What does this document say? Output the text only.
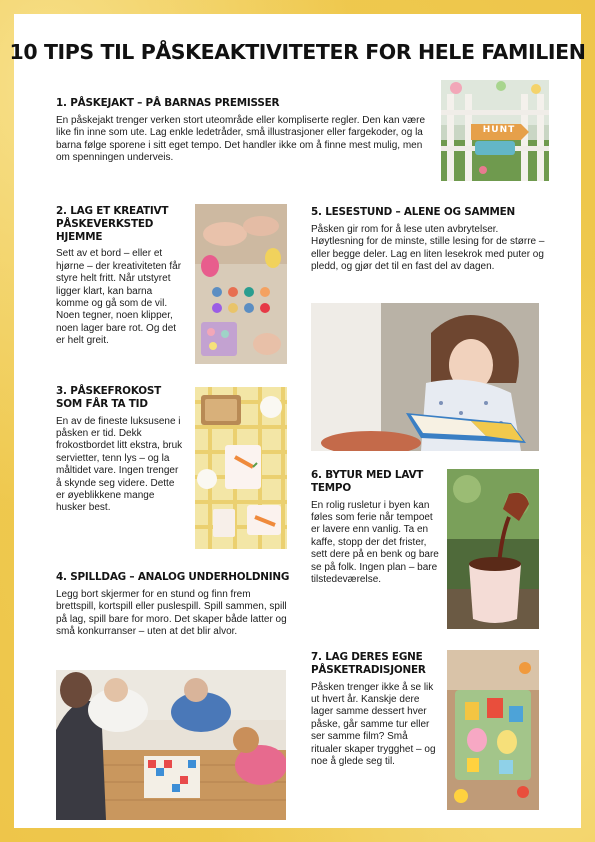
10 TIPS TIL PÅSKEAKTIVITETER FOR HELE FAMILIEN
1. PÅSKEJAKT – PÅ BARNAS PREMISSER
En påskejakt trenger verken stort uteområde eller kompliserte regler. Den kan være like fin inne som ute. Lag enkle ledetråder, små illustrasjoner eller fargekoder, og la barna følge sporene i sitt eget tempo. Det handler ikke om å finne mest mulig, men om spenningen underveis.
HUNT
2. LAG ET KREATIVT PÅSKEVERKSTED HJEMME
Sett av et bord – eller et hjørne – der kreativiteten får styre helt fritt. Når utstyret ligger klart, kan barna komme og gå som de vil. Noen tegner, noen klipper, noen lager bare rot. Og det er helt greit.
3. PÅSKEFROKOST SOM FÅR TA TID
En av de fineste luksusene i påsken er tid. Dekk frokostbordet litt ekstra, bruk servietter, tenn lys – og la måltidet vare. Ingen trenger å skynde seg videre. Dette er øyeblikkene mange husker best.
4. SPILLDAG – ANALOG UNDERHOLDNING
Legg bort skjermer for en stund og finn frem brettspill, kortspill eller puslespill. Spill sammen, spill på lag, spill bare for moro. Det skaper både latter og små konkurranser – uten at det blir alvor.
5. LESESTUND – ALENE OG SAMMEN
Påsken gir rom for å lese uten avbrytelser. Høytlesning for de minste, stille lesing for de større – eller begge deler. Lag en liten lesekrok med puter og pledd, og gjør det til en fast del av dagen.
6. BYTUR MED LAVT TEMPO
En rolig rusletur i byen kan føles som ferie når tempoet er lavere enn vanlig. Ta en kaffe, stopp der det frister, sett dere på en benk og bare se på folk. Ingen plan – bare tilstedeværelse.
7. LAG DERES EGNE PÅSKETRADISJONER
Påsken trenger ikke å se lik ut hvert år. Kanskje dere lager samme dessert hver påske, går samme tur eller ser samme film? Små ritualer skaper trygghet – og noe å glede seg til.
